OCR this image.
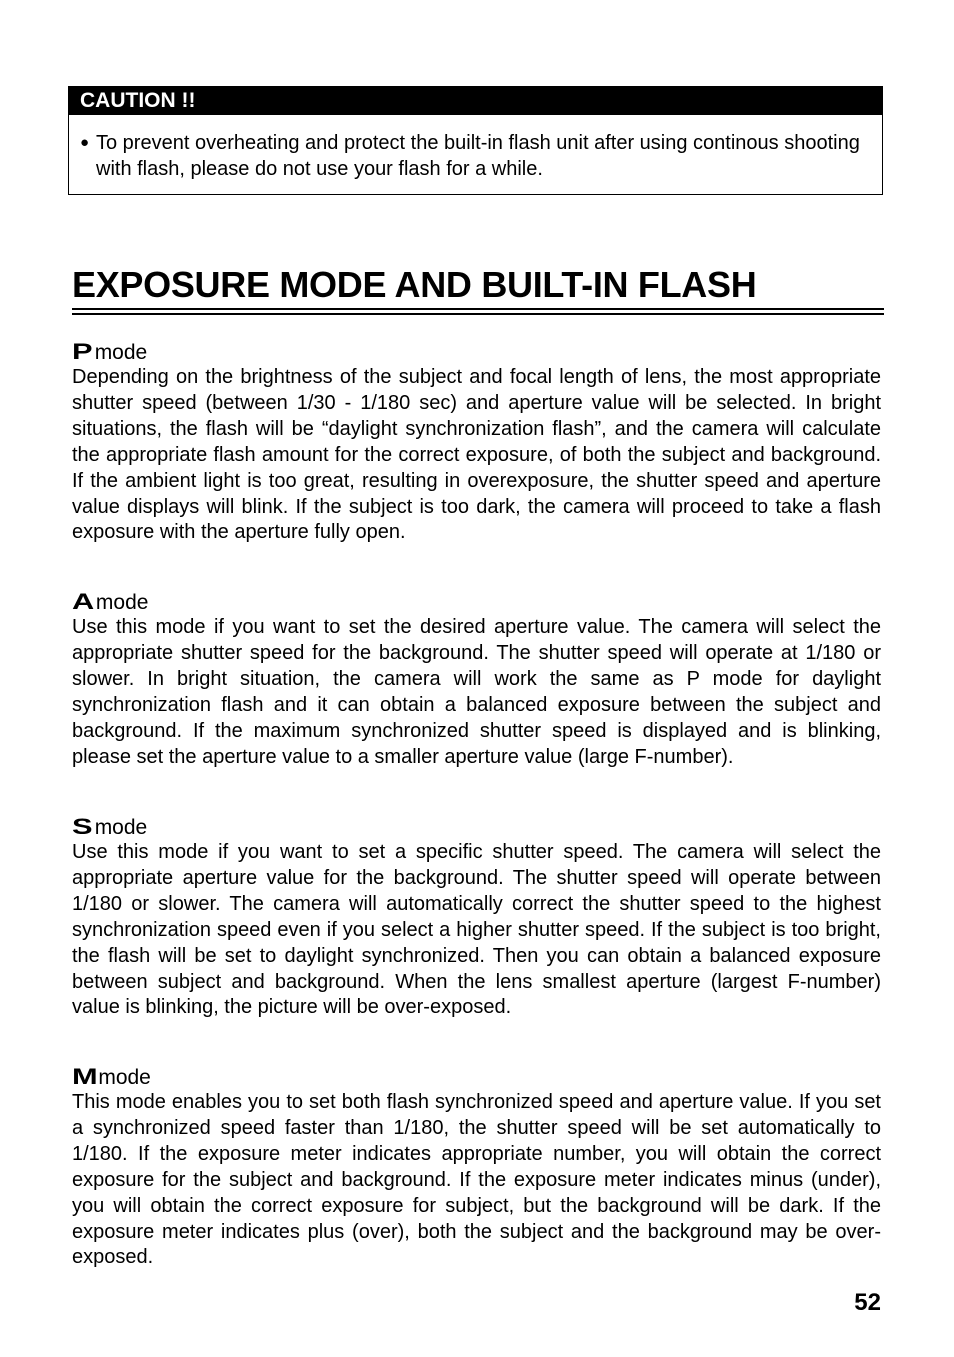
CAUTION !!
● To prevent overheating and protect the built-in flash unit after using continous shooting with flash, please do not use your flash for a while.
EXPOSURE MODE AND BUILT-IN FLASH
P mode
Depending on the brightness of the subject and focal length of lens, the most appropriate shutter speed (between 1/30 - 1/180 sec) and aperture value will be selected. In bright situations, the flash will be “daylight synchronization flash”, and the camera will calculate the appropriate flash amount for the correct exposure, of both the subject and background. If the ambient light is too great, resulting in overexposure, the shutter speed and aperture value displays will blink. If the subject is too dark, the camera will proceed to take a flash exposure with the aperture fully open.
Amode
Use this mode if you want to set the desired aperture value. The camera will select the appropriate shutter speed for the background. The shutter speed will operate at 1/180 or slower. In bright situation, the camera will work the same as P mode for daylight synchronization flash and it can obtain a balanced exposure between the subject and background. If the maximum synchronized shutter speed is displayed and is blinking, please set the aperture value to a smaller aperture value (large F-number).
S mode
Use this mode if you want to set a specific shutter speed. The camera will select the appropriate aperture value for the background. The shutter speed will operate between 1/180 or slower. The camera will automatically correct the shutter speed to the highest synchronization speed even if you select a higher shutter speed. If the subject is too bright, the flash will be set to daylight synchronized. Then you can obtain a balanced exposure between subject and background. When the lens smallest aperture (largest F-number) value is blinking, the picture will be over-exposed.
Mmode
This mode enables you to set both flash synchronized speed and aperture value. If you set a synchronized speed faster than 1/180, the shutter speed will be set automatically to 1/180. If the exposure meter indicates appropriate number, you will obtain the correct exposure for the subject and background. If the exposure meter indicates minus (under), you will obtain the correct exposure for subject, but the background will be dark. If the exposure meter indicates plus (over), both the subject and the background may be over-exposed.
52
